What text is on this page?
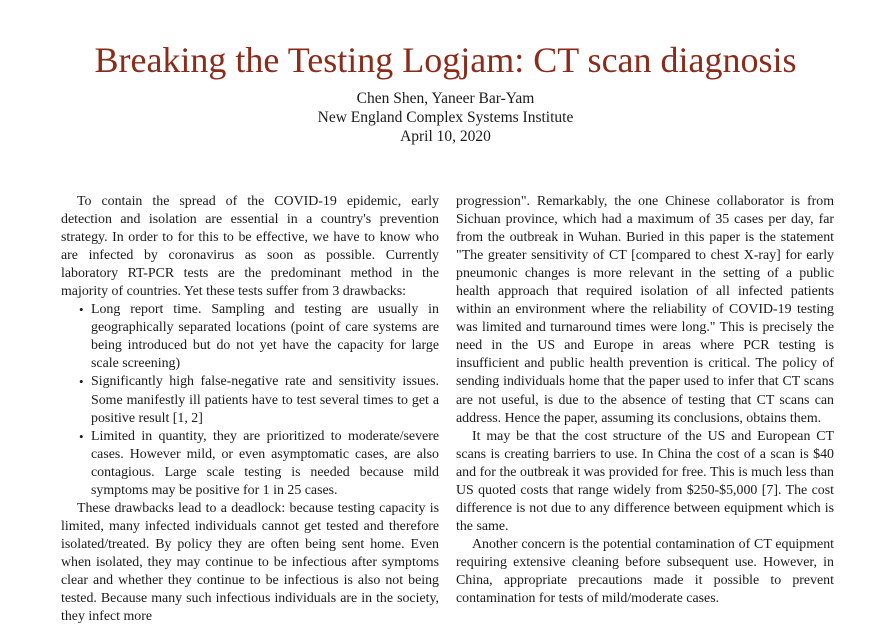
Breaking the Testing Logjam: CT scan diagnosis
Chen Shen, Yaneer Bar-Yam
New England Complex Systems Institute
April 10, 2020

To contain the spread of the COVID-19 epidemic, early detection and isolation are essential in a country's prevention strategy. In order to for this to be effective, we have to know who are infected by coronavirus as soon as possible. Currently laboratory RT-PCR tests are the predominant method in the majority of countries. Yet these tests suffer from 3 drawbacks:

• Long report time. Sampling and testing are usually in geographically separated locations (point of care systems are being introduced but do not yet have the capacity for large scale screening)
• Significantly high false-negative rate and sensitivity issues. Some manifestly ill patients have to test several times to get a positive result [1, 2]
• Limited in quantity, they are prioritized to moderate/severe cases. However mild, or even asymptomatic cases, are also contagious. Large scale testing is needed because mild symptoms may be positive for 1 in 25 cases.

These drawbacks lead to a deadlock: because testing capacity is limited, many infected individuals cannot get tested and therefore isolated/treated. By policy they are often being sent home. Even when isolated, they may continue to be infectious after symptoms clear and whether they continue to be infectious is also not being tested. Because many such infectious individuals are in the society, they infect more

progression". Remarkably, the one Chinese collaborator is from Sichuan province, which had a maximum of 35 cases per day, far from the outbreak in Wuhan. Buried in this paper is the statement "The greater sensitivity of CT [compared to chest X-ray] for early pneumonic changes is more relevant in the setting of a public health approach that required isolation of all infected patients within an environment where the reliability of COVID-19 testing was limited and turnaround times were long." This is precisely the need in the US and Europe in areas where PCR testing is insufficient and public health prevention is critical. The policy of sending individuals home that the paper used to infer that CT scans are not useful, is due to the absence of testing that CT scans can address. Hence the paper, assuming its conclusions, obtains them.

It may be that the cost structure of the US and European CT scans is creating barriers to use. In China the cost of a scan is $40 and for the outbreak it was provided for free. This is much less than US quoted costs that range widely from $250-$5,000 [7]. The cost difference is not due to any difference between equipment which is the same.

Another concern is the potential contamination of CT equipment requiring extensive cleaning before subsequent use. However, in China, appropriate precautions made it possible to prevent contamination for tests of mild/moderate cases.
